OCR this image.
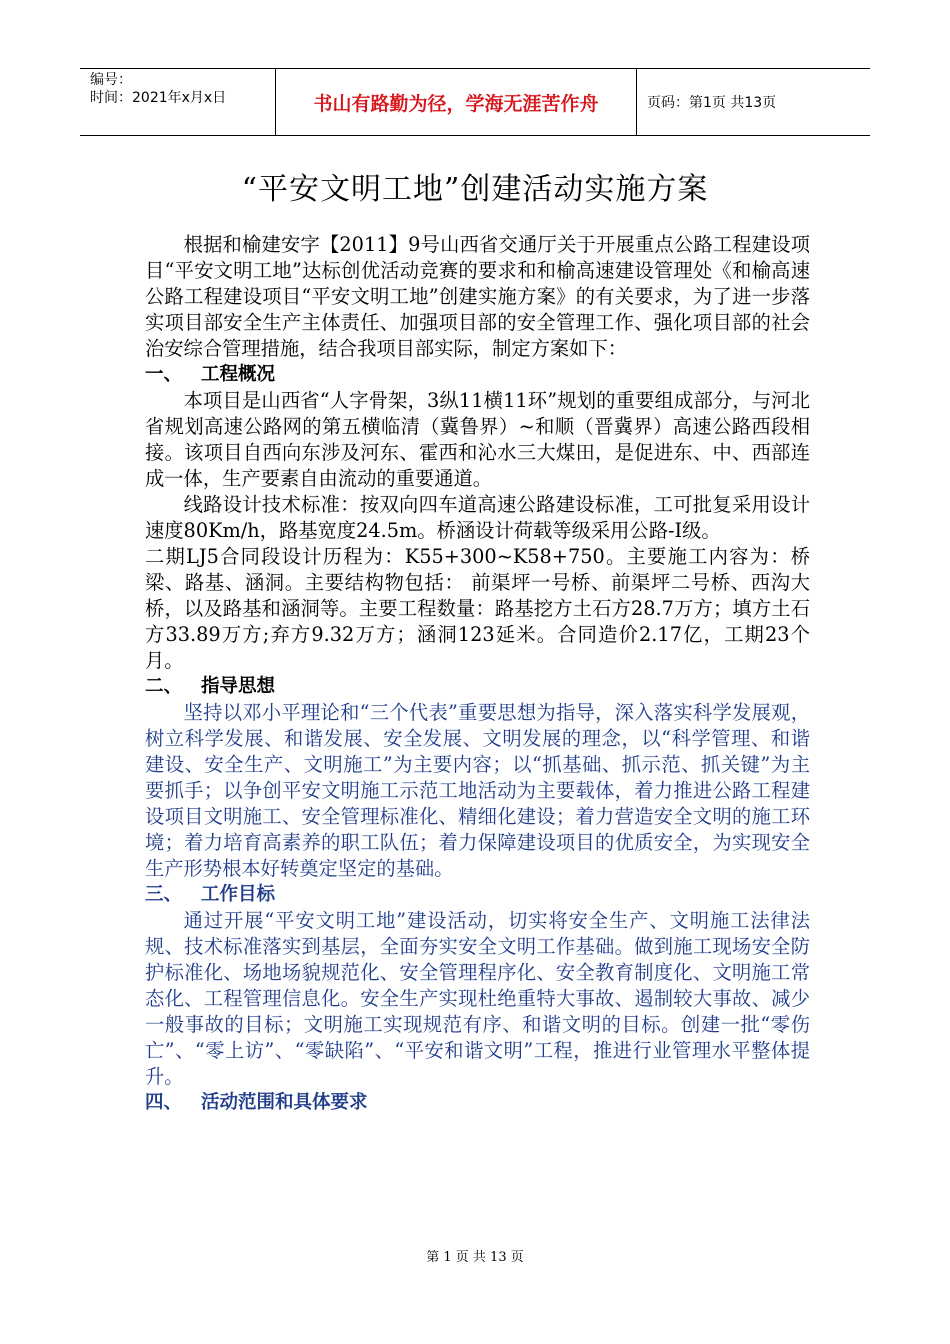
编号：
时间：2021年x月x日	书山有路勤为径，学海无涯苦作舟	页码：第1页 共13页
“平安文明工地”创建活动实施方案

根据和榆建安字【2011】9号山西省交通厅关于开展重点公路工程建设项目“平安文明工地”达标创优活动竞赛的要求和和榆高速建设管理处《和榆高速公路工程建设项目“平安文明工地”创建实施方案》的有关要求，为了进一步落实项目部安全生产主体责任、加强项目部的安全管理工作、强化项目部的社会治安综合管理措施，结合我项目部实际，制定方案如下：

一、 工程概况

本项目是山西省“人字骨架，3纵11横11环”规划的重要组成部分，与河北省规划高速公路网的第五横临清（冀鲁界）~和顺（晋冀界）高速公路西段相接。该项目自西向东涉及河东、霍西和沁水三大煤田，是促进东、中、西部连成一体，生产要素自由流动的重要通道。

线路设计技术标准：按双向四车道高速公路建设标准，工可批复采用设计速度80Km/h，路基宽度24.5m。桥涵设计荷载等级采用公路-I级。

二期LJ5合同段设计历程为：K55+300~K58+750。主要施工内容为：桥梁、路基、涵洞。主要结构物包括： 前渠坪一号桥、前渠坪二号桥、西沟大桥，以及路基和涵洞等。主要工程数量：路基挖方土石方28.7万方；填方土石方33.89万方;弃方9.32万方；涵洞123延米。合同造价2.17亿，工期23个月。

二、 指导思想

坚持以邓小平理论和“三个代表”重要思想为指导，深入落实科学发展观，树立科学发展、和谐发展、安全发展、文明发展的理念，以“科学管理、和谐建设、安全生产、文明施工”为主要内容；以“抓基础、抓示范、抓关键”为主要抓手；以争创平安文明施工示范工地活动为主要载体，着力推进公路工程建设项目文明施工、安全管理标准化、精细化建设；着力营造安全文明的施工环境；着力培育高素养的职工队伍；着力保障建设项目的优质安全，为实现安全生产形势根本好转奠定坚定的基础。

三、 工作目标

通过开展“平安文明工地”建设活动，切实将安全生产、文明施工法律法规、技术标准落实到基层，全面夯实安全文明工作基础。做到施工现场安全防护标准化、场地场貌规范化、安全管理程序化、安全教育制度化、文明施工常态化、工程管理信息化。安全生产实现杜绝重特大事故、遏制较大事故、减少一般事故的目标；文明施工实现规范有序、和谐文明的目标。创建一批“零伤亡”、“零上访”、“零缺陷”、“平安和谐文明”工程，推进行业管理水平整体提升。

四、 活动范围和具体要求
第 1 页 共 13 页
